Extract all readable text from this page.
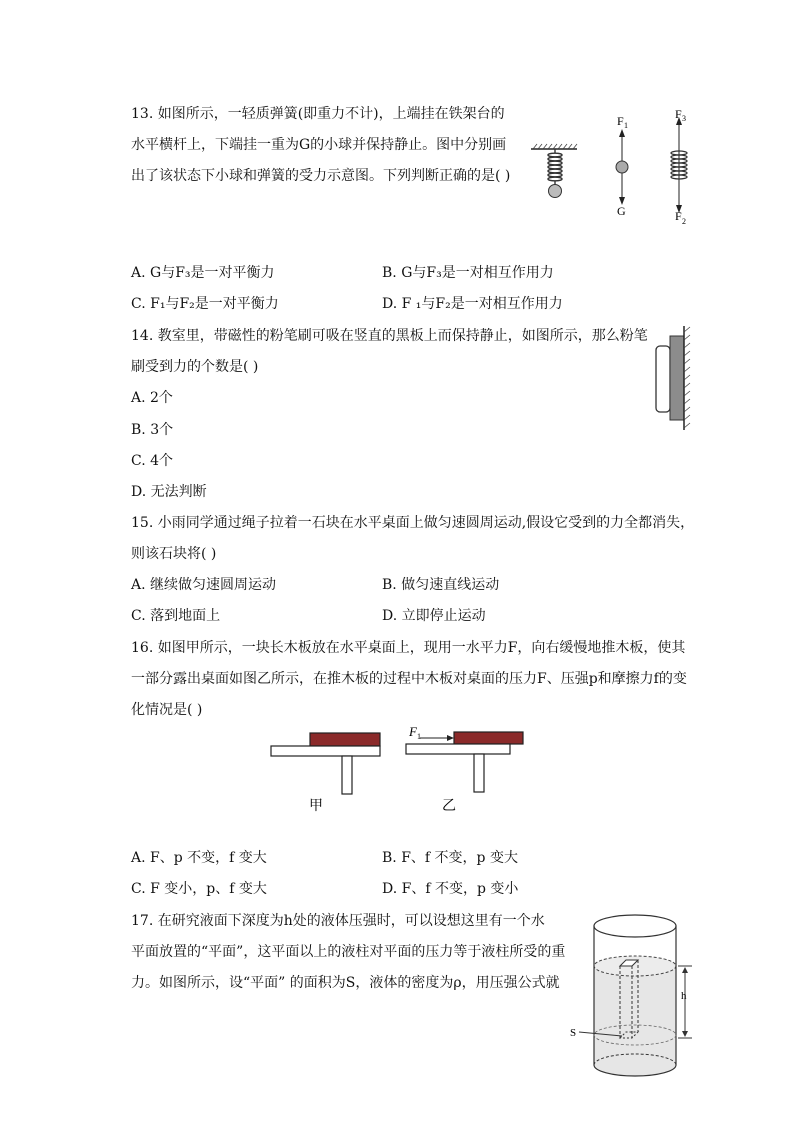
13. 如图所示，一轻质弹簧(即重力不计)，上端挂在铁架台的
水平横杆上，下端挂一重为G的小球并保持静止。图中分别画
出了该状态下小球和弹簧的受力示意图。下列判断正确的是( )
F 1
G
F 3
F 2
A. G与F₃是一对平衡力	B. G与F₃是一对相互作用力
C. F₁与F₂是一对平衡力	D. F ₁与F₂是一对相互作用力
14. 教室里，带磁性的粉笔刷可吸在竖直的黑板上而保持静止，如图所示，那么粉笔
刷受到力的个数是( )
A. 2个
B. 3个
C. 4个
D. 无法判断
15. 小雨同学通过绳子拉着一石块在水平桌面上做匀速圆周运动,假设它受到的力全都消失，
则该石块将( )
A. 继续做匀速圆周运动	B. 做匀速直线运动
C. 落到地面上	D. 立即停止运动
16. 如图甲所示，一块长木板放在水平桌面上，现用一水平力F，向右缓慢地推木板，使其
一部分露出桌面如图乙所示，在推木板的过程中木板对桌面的压力F、压强p和摩擦力f的变
化情况是( )
甲
F 1
乙
A. F、p 不变，f 变大	B. F、f 不变，p 变大
C. F 变小，p、f 变大	D. F、f 不变，p 变小
17. 在研究液面下深度为h处的液体压强时，可以设想这里有一个水
平面放置的“平面”，这平面以上的液柱对平面的压力等于液柱所受的重
力。如图所示，设“平面” 的面积为S，液体的密度为ρ，用压强公式就
h
S
